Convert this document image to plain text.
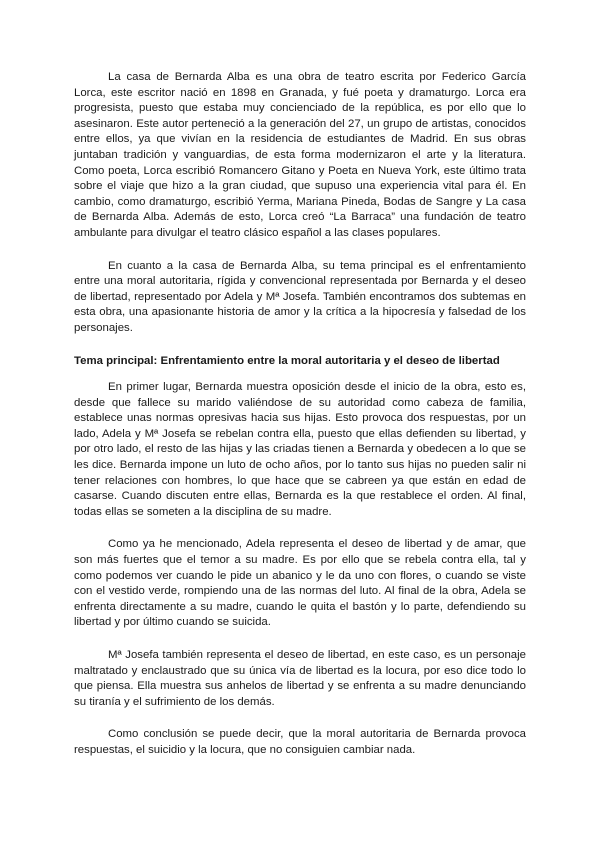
La casa de Bernarda Alba es una obra de teatro escrita por Federico García Lorca, este escritor nació en 1898 en Granada, y fué poeta y dramaturgo. Lorca era progresista, puesto que estaba muy concienciado de la república, es por ello que lo asesinaron. Este autor perteneció a la generación del 27, un grupo de artistas, conocidos entre ellos, ya que vivían en la residencia de estudiantes de Madrid. En sus obras juntaban tradición y vanguardias, de esta forma modernizaron el arte y la literatura. Como poeta, Lorca escribió Romancero Gitano y Poeta en Nueva York, este último trata sobre el viaje que hizo a la gran ciudad, que supuso una experiencia vital para él. En cambio, como dramaturgo, escribió Yerma, Mariana Pineda, Bodas de Sangre y La casa de Bernarda Alba. Además de esto, Lorca creó “La Barraca” una fundación de teatro ambulante para divulgar el teatro clásico español a las clases populares.

En cuanto a la casa de Bernarda Alba, su tema principal es el enfrentamiento entre una moral autoritaria, rígida y convencional representada por Bernarda y el deseo de libertad, representado por Adela y Mª Josefa. También encontramos dos subtemas en esta obra, una apasionante historia de amor y la crítica a la hipocresía y falsedad de los personajes.

Tema principal: Enfrentamiento entre la moral autoritaria y el deseo de libertad

En primer lugar, Bernarda muestra oposición desde el inicio de la obra, esto es, desde que fallece su marido valiéndose de su autoridad como cabeza de familia, establece unas normas opresivas hacia sus hijas. Esto provoca dos respuestas, por un lado, Adela y Mª Josefa se rebelan contra ella, puesto que ellas defienden su libertad, y por otro lado, el resto de las hijas y las criadas tienen a Bernarda y obedecen a lo que se les dice. Bernarda impone un luto de ocho años, por lo tanto sus hijas no pueden salir ni tener relaciones con hombres, lo que hace que se cabreen ya que están en edad de casarse. Cuando discuten entre ellas, Bernarda es la que restablece el orden. Al final, todas ellas se someten a la disciplina de su madre.

Como ya he mencionado, Adela representa el deseo de libertad y de amar, que son más fuertes que el temor a su madre. Es por ello que se rebela contra ella, tal y como podemos ver cuando le pide un abanico y le da uno con flores, o cuando se viste con el vestido verde, rompiendo una de las normas del luto. Al final de la obra, Adela se enfrenta directamente a su madre, cuando le quita el bastón y lo parte, defendiendo su libertad y por último cuando se suicida.

Mª Josefa también representa el deseo de libertad, en este caso, es un personaje maltratado y enclaustrado que su única vía de libertad es la locura, por eso dice todo lo que piensa. Ella muestra sus anhelos de libertad y se enfrenta a su madre denunciando su tiranía y el sufrimiento de los demás.

Como conclusión se puede decir, que la moral autoritaria de Bernarda provoca respuestas, el suicidio y la locura, que no consiguien cambiar nada.
